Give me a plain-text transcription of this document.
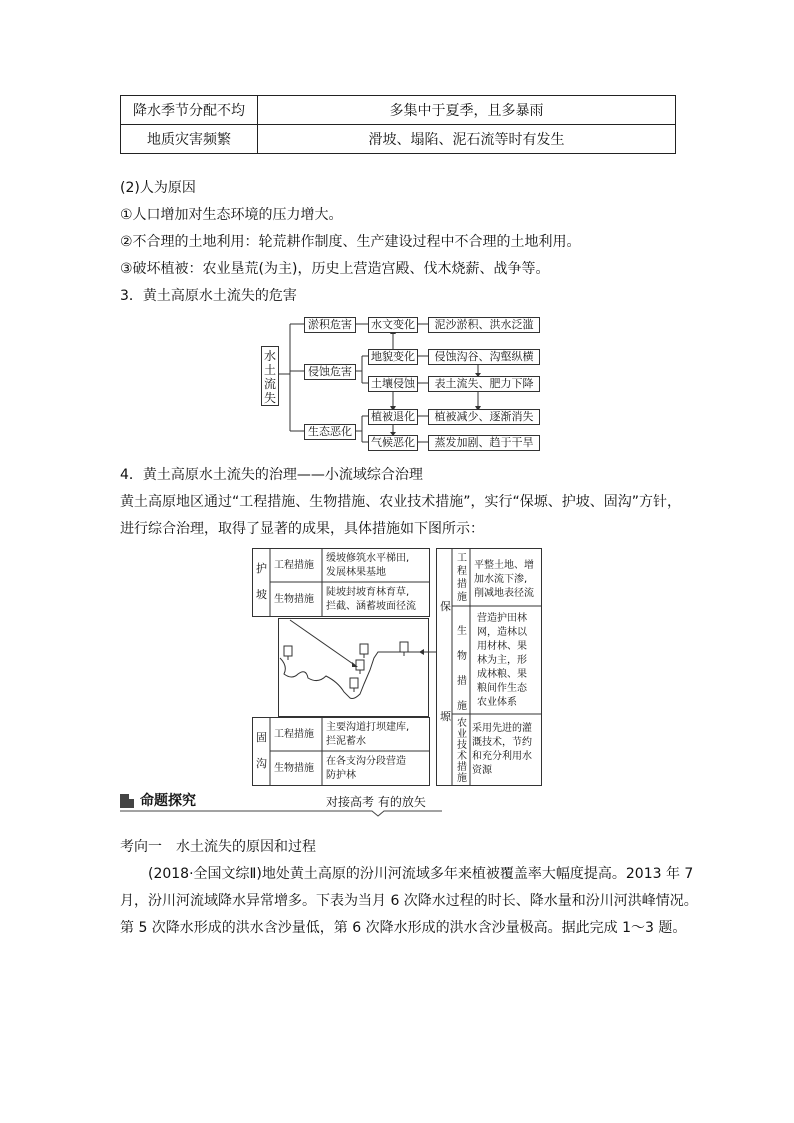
降水季节分配不均	多集中于夏季，且多暴雨
地质灾害频繁	滑坡、塌陷、泥石流等时有发生
(2)人为原因
①人口增加对生态环境的压力增大。
②不合理的土地利用：轮荒耕作制度、生产建设过程中不合理的土地利用。
③破坏植被：农业垦荒(为主)，历史上营造宫殿、伐木烧薪、战争等。
3．黄土高原水土流失的危害
水土流失
淤积危害
侵蚀危害
生态恶化
水文变化
地貌变化
土壤侵蚀
植被退化
气候恶化
泥沙淤积、洪水泛滥
侵蚀沟谷、沟壑纵横
表土流失、肥力下降
植被减少、逐渐消失
蒸发加剧、趋于干旱
4．黄土高原水土流失的治理——小流域综合治理
黄土高原地区通过“工程措施、生物措施、农业技术措施”，实行“保塬、护坡、固沟”方针，
进行综合治理，取得了显著的成果，具体措施如下图所示：
护
坡
工程措施
缓坡修筑水平梯田,
发展林果基地
生物措施
陡坡封坡育林育草,
拦截、涵蓄坡面径流
固
沟
工程措施
主要沟道打坝建库,
拦泥蓄水
生物措施
在各支沟分段营造
防护林
保
塬
工
程
措
施
平整土地、增
加水流下渗,
削减地表径流
生
物
措
施
营造护田林
网，造林以
用材林、果
林为主，形
成林粮、果
粮间作生态
农业体系
农
业
技
术
措
施
采用先进的灌
溉技术，节约
和充分利用水
资源
命题探究	对接高考 有的放矢
考向一　水土流失的原因和过程
(2018·全国文综Ⅱ)地处黄土高原的汾川河流域多年来植被覆盖率大幅度提高。2013 年 7
月，汾川河流域降水异常增多。下表为当月 6 次降水过程的时长、降水量和汾川河洪峰情况。
第 5 次降水形成的洪水含沙量低，第 6 次降水形成的洪水含沙量极高。据此完成 1～3 题。
